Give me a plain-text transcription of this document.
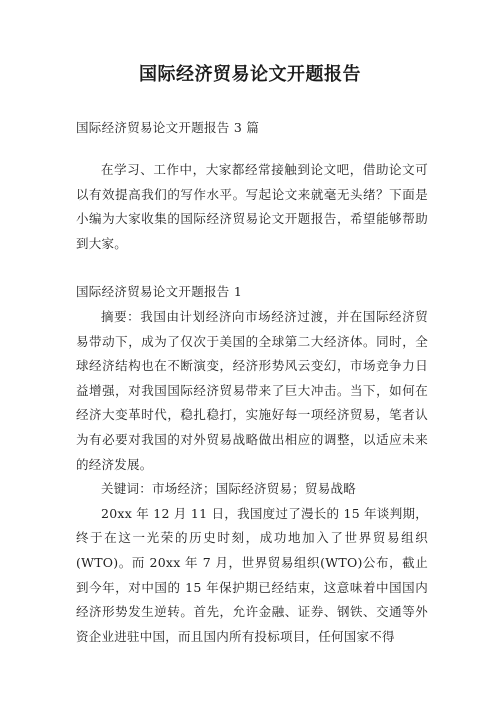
国际经济贸易论文开题报告
国际经济贸易论文开题报告 3 篇

在学习、工作中，大家都经常接触到论文吧，借助论文可以有效提高我们的写作水平。写起论文来就毫无头绪？下面是小编为大家收集的国际经济贸易论文开题报告，希望能够帮助到大家。

国际经济贸易论文开题报告 1

摘要：我国由计划经济向市场经济过渡，并在国际经济贸易带动下，成为了仅次于美国的全球第二大经济体。同时，全球经济结构也在不断演变，经济形势风云变幻，市场竞争力日益增强，对我国国际经济贸易带来了巨大冲击。当下，如何在经济大变革时代，稳扎稳打，实施好每一项经济贸易，笔者认为有必要对我国的对外贸易战略做出相应的调整，以适应未来的经济发展。

关键词：市场经济；国际经济贸易；贸易战略

20xx 年 12 月 11 日，我国度过了漫长的 15 年谈判期，终于在这一光荣的历史时刻，成功地加入了世界贸易组织(WTO)。而 20xx 年 7 月，世界贸易组织(WTO)公布，截止到今年，对中国的 15 年保护期已经结束，这意味着中国国内经济形势发生逆转。首先，允许金融、证券、钢铁、交通等外资企业进驻中国，而且国内所有投标项目，任何国家不得
